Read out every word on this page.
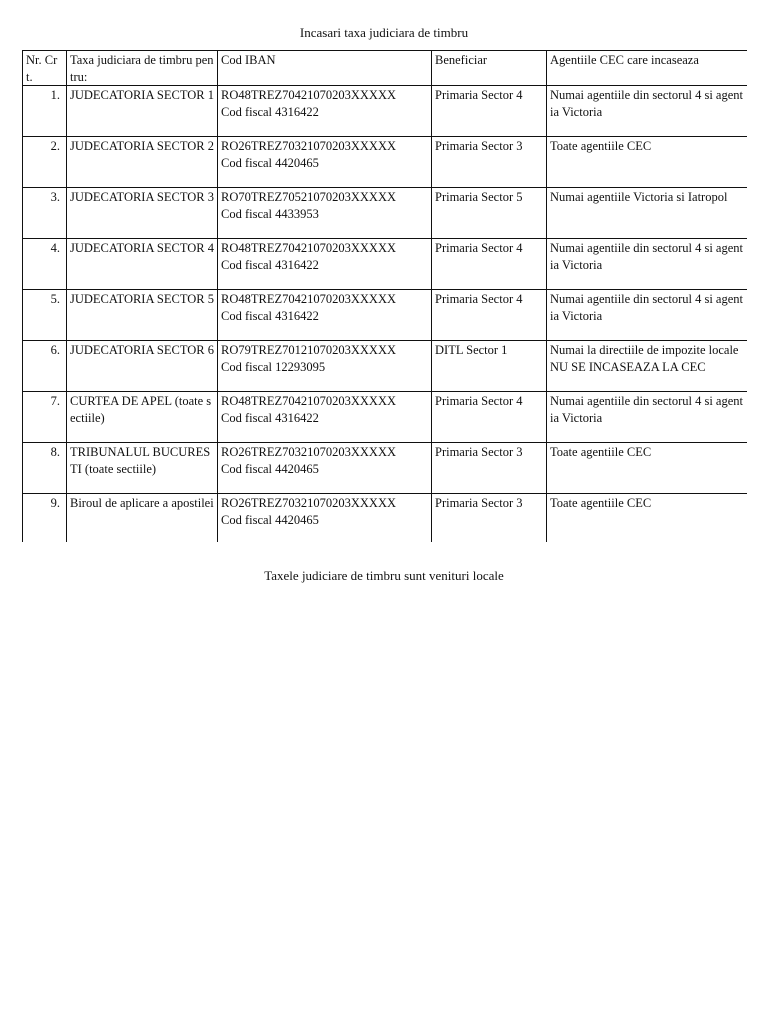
Incasari taxa judiciara de timbru
Nr. Crt.	Taxa judiciara de timbru pentru:	Cod IBAN	Beneficiar	Agentiile CEC care incaseaza
1.	JUDECATORIA SECTOR 1	RO48TREZ70421070203XXXXX
Cod fiscal 4316422	Primaria Sector 4	Numai agentiile din sectorul 4 si agentia Victoria

2.	JUDECATORIA SECTOR 2	RO26TREZ70321070203XXXXX
Cod fiscal 4420465	Primaria Sector 3	Toate agentiile CEC

3.	JUDECATORIA SECTOR 3	RO70TREZ70521070203XXXXX
Cod fiscal 4433953	Primaria Sector 5	Numai agentiile Victoria si Iatropol

4.	JUDECATORIA SECTOR 4	RO48TREZ70421070203XXXXX
Cod fiscal 4316422	Primaria Sector 4	Numai agentiile din sectorul 4 si agentia Victoria

5.	JUDECATORIA SECTOR 5	RO48TREZ70421070203XXXXX
Cod fiscal 4316422	Primaria Sector 4	Numai agentiile din sectorul 4 si agentia Victoria

6.	JUDECATORIA SECTOR 6	RO79TREZ70121070203XXXXX
Cod fiscal 12293095	DITL Sector 1	Numai la directiile de impozite locale
NU SE INCASEAZA LA CEC

7.	CURTEA DE APEL (toate sectiile)	RO48TREZ70421070203XXXXX
Cod fiscal 4316422	Primaria Sector 4	Numai agentiile din sectorul 4 si agentia Victoria

8.	TRIBUNALUL BUCURESTI (toate sectiile)	RO26TREZ70321070203XXXXX
Cod fiscal 4420465	Primaria Sector 3	Toate agentiile CEC

9.	Biroul de aplicare a apostilei	RO26TREZ70321070203XXXXX
Cod fiscal 4420465	Primaria Sector 3	Toate agentiile CEC
Taxele judiciare de timbru sunt venituri locale
